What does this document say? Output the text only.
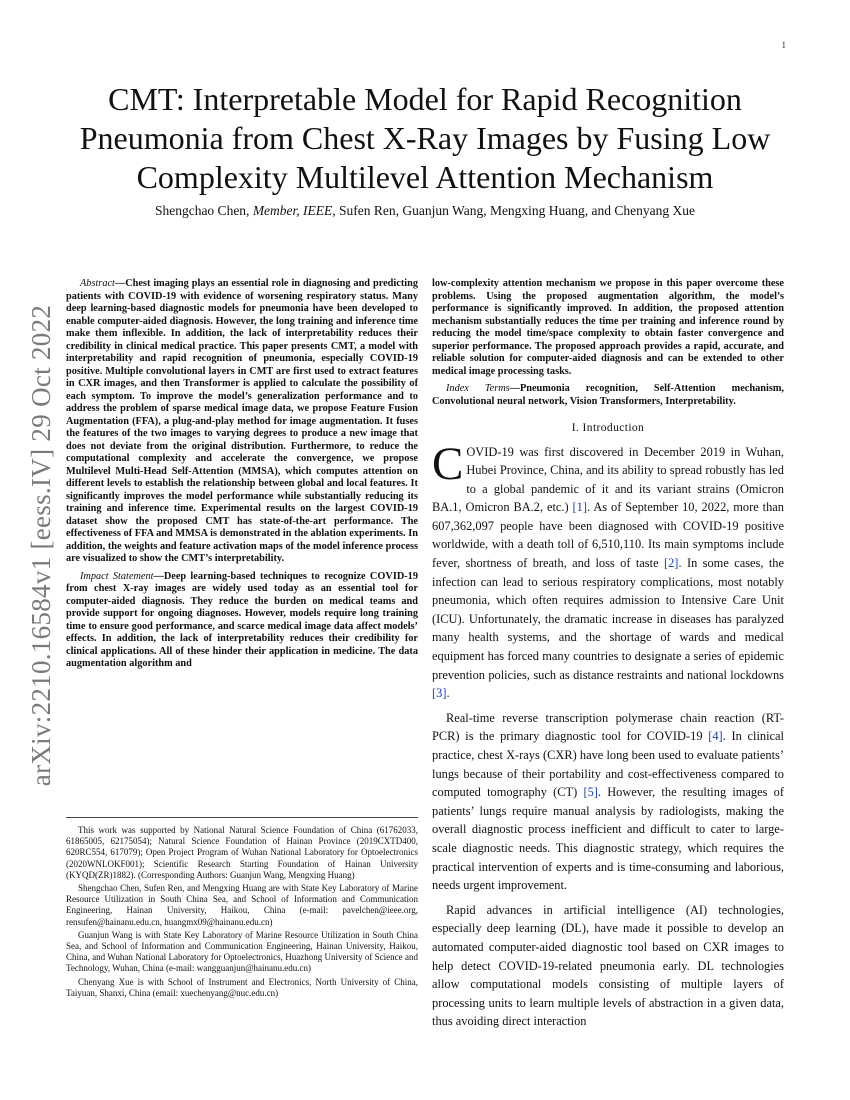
1
arXiv:2210.16584v1 [eess.IV] 29 Oct 2022
CMT: Interpretable Model for Rapid Recognition Pneumonia from Chest X-Ray Images by Fusing Low Complexity Multilevel Attention Mechanism
Shengchao Chen, Member, IEEE, Sufen Ren, Guanjun Wang, Mengxing Huang, and Chenyang Xue

Abstract—Chest imaging plays an essential role in diagnosing and predicting patients with COVID-19 with evidence of worsening respiratory status. Many deep learning-based diagnostic models for pneumonia have been developed to enable computer-aided diagnosis. However, the long training and inference time make them inflexible. In addition, the lack of interpretability reduces their credibility in clinical medical practice. This paper presents CMT, a model with interpretability and rapid recognition of pneumonia, especially COVID-19 positive. Multiple convolutional layers in CMT are first used to extract features in CXR images, and then Transformer is applied to calculate the possibility of each symptom. To improve the model’s generalization performance and to address the problem of sparse medical image data, we propose Feature Fusion Augmentation (FFA), a plug-and-play method for image augmentation. It fuses the features of the two images to varying degrees to produce a new image that does not deviate from the original distribution. Furthermore, to reduce the computational complexity and accelerate the convergence, we propose Multilevel Multi-Head Self-Attention (MMSA), which computes attention on different levels to establish the relationship between global and local features. It significantly improves the model performance while substantially reducing its training and inference time. Experimental results on the largest COVID-19 dataset show the proposed CMT has state-of-the-art performance. The effectiveness of FFA and MMSA is demonstrated in the ablation experiments. In addition, the weights and feature activation maps of the model inference process are visualized to show the CMT’s interpretability.

Impact Statement—Deep learning-based techniques to recognize COVID-19 from chest X-ray images are widely used today as an essential tool for computer-aided diagnosis. They reduce the burden on medical teams and provide support for ongoing diagnoses. However, models require long training time to ensure good performance, and scarce medical image data affect models’ effects. In addition, the lack of interpretability reduces their credibility for clinical applications. All of these hinder their application in medicine. The data augmentation algorithm and

This work was supported by National Natural Science Foundation of China (61762033, 61865005, 62175054); Natural Science Foundation of Hainan Province (2019CXTD400, 620RC554, 617079); Open Project Program of Wuhan National Laboratory for Optoelectronics (2020WNLOKF001); Scientific Research Starting Foundation of Hainan University (KYQD(ZR)1882). (Corresponding Authors: Guanjun Wang, Mengxing Huang)

Shengchao Chen, Sufen Ren, and Mengxing Huang are with State Key Laboratory of Marine Resource Utilization in South China Sea, and School of Information and Communication Engineering, Hainan University, Haikou, China (e-mail: pavelchen@ieee.org, rensufen@hainanu.edu.cn, huangmx09@hainanu.edu.cn)

Guanjun Wang is with State Key Laboratory of Marine Resource Utilization in South China Sea, and School of Information and Communication Engineering, Hainan University, Haikou, China, and Wuhan National Laboratory for Optoelectronics, Huazhong University of Science and Technology, Wuhan, China (e-mail: wangguanjun@hainanu.edu.cn)

Chenyang Xue is with School of Instrument and Electronics, North University of China, Taiyuan, Shanxi, China (email: xuechenyang@nuc.edu.cn)

low-complexity attention mechanism we propose in this paper overcome these problems. Using the proposed augmentation algorithm, the model’s performance is significantly improved. In addition, the proposed attention mechanism substantially reduces the time per training and inference round by reducing the model time/space complexity to obtain faster convergence and superior performance. The proposed approach provides a rapid, accurate, and reliable solution for computer-aided diagnosis and can be extended to other medical image processing tasks.

Index Terms—Pneumonia recognition, Self-Attention mechanism, Convolutional neural network, Vision Transformers, Interpretability.

I. Introduction

COVID-19 was first discovered in December 2019 in Wuhan, Hubei Province, China, and its ability to spread robustly has led to a global pandemic of it and its variant strains (Omicron BA.1, Omicron BA.2, etc.) [1]. As of September 10, 2022, more than 607,362,097 people have been diagnosed with COVID-19 positive worldwide, with a death toll of 6,510,110. Its main symptoms include fever, shortness of breath, and loss of taste [2]. In some cases, the infection can lead to serious respiratory complications, most notably pneumonia, which often requires admission to Intensive Care Unit (ICU). Unfortunately, the dramatic increase in diseases has paralyzed many health systems, and the shortage of wards and medical equipment has forced many countries to designate a series of epidemic prevention policies, such as distance restraints and national lockdowns [3].

Real-time reverse transcription polymerase chain reaction (RT-PCR) is the primary diagnostic tool for COVID-19 [4]. In clinical practice, chest X-rays (CXR) have long been used to evaluate patients’ lungs because of their portability and cost-effectiveness compared to computed tomography (CT) [5]. However, the resulting images of patients’ lungs require manual analysis by radiologists, making the overall diagnostic process inefficient and difficult to cater to large-scale diagnostic needs. This diagnostic strategy, which requires the practical intervention of experts and is time-consuming and laborious, needs urgent improvement.

Rapid advances in artificial intelligence (AI) technologies, especially deep learning (DL), have made it possible to develop an automated computer-aided diagnostic tool based on CXR images to help detect COVID-19-related pneumonia early. DL technologies allow computational models consisting of multiple layers of processing units to learn multiple levels of abstraction in a given data, thus avoiding direct interaction
